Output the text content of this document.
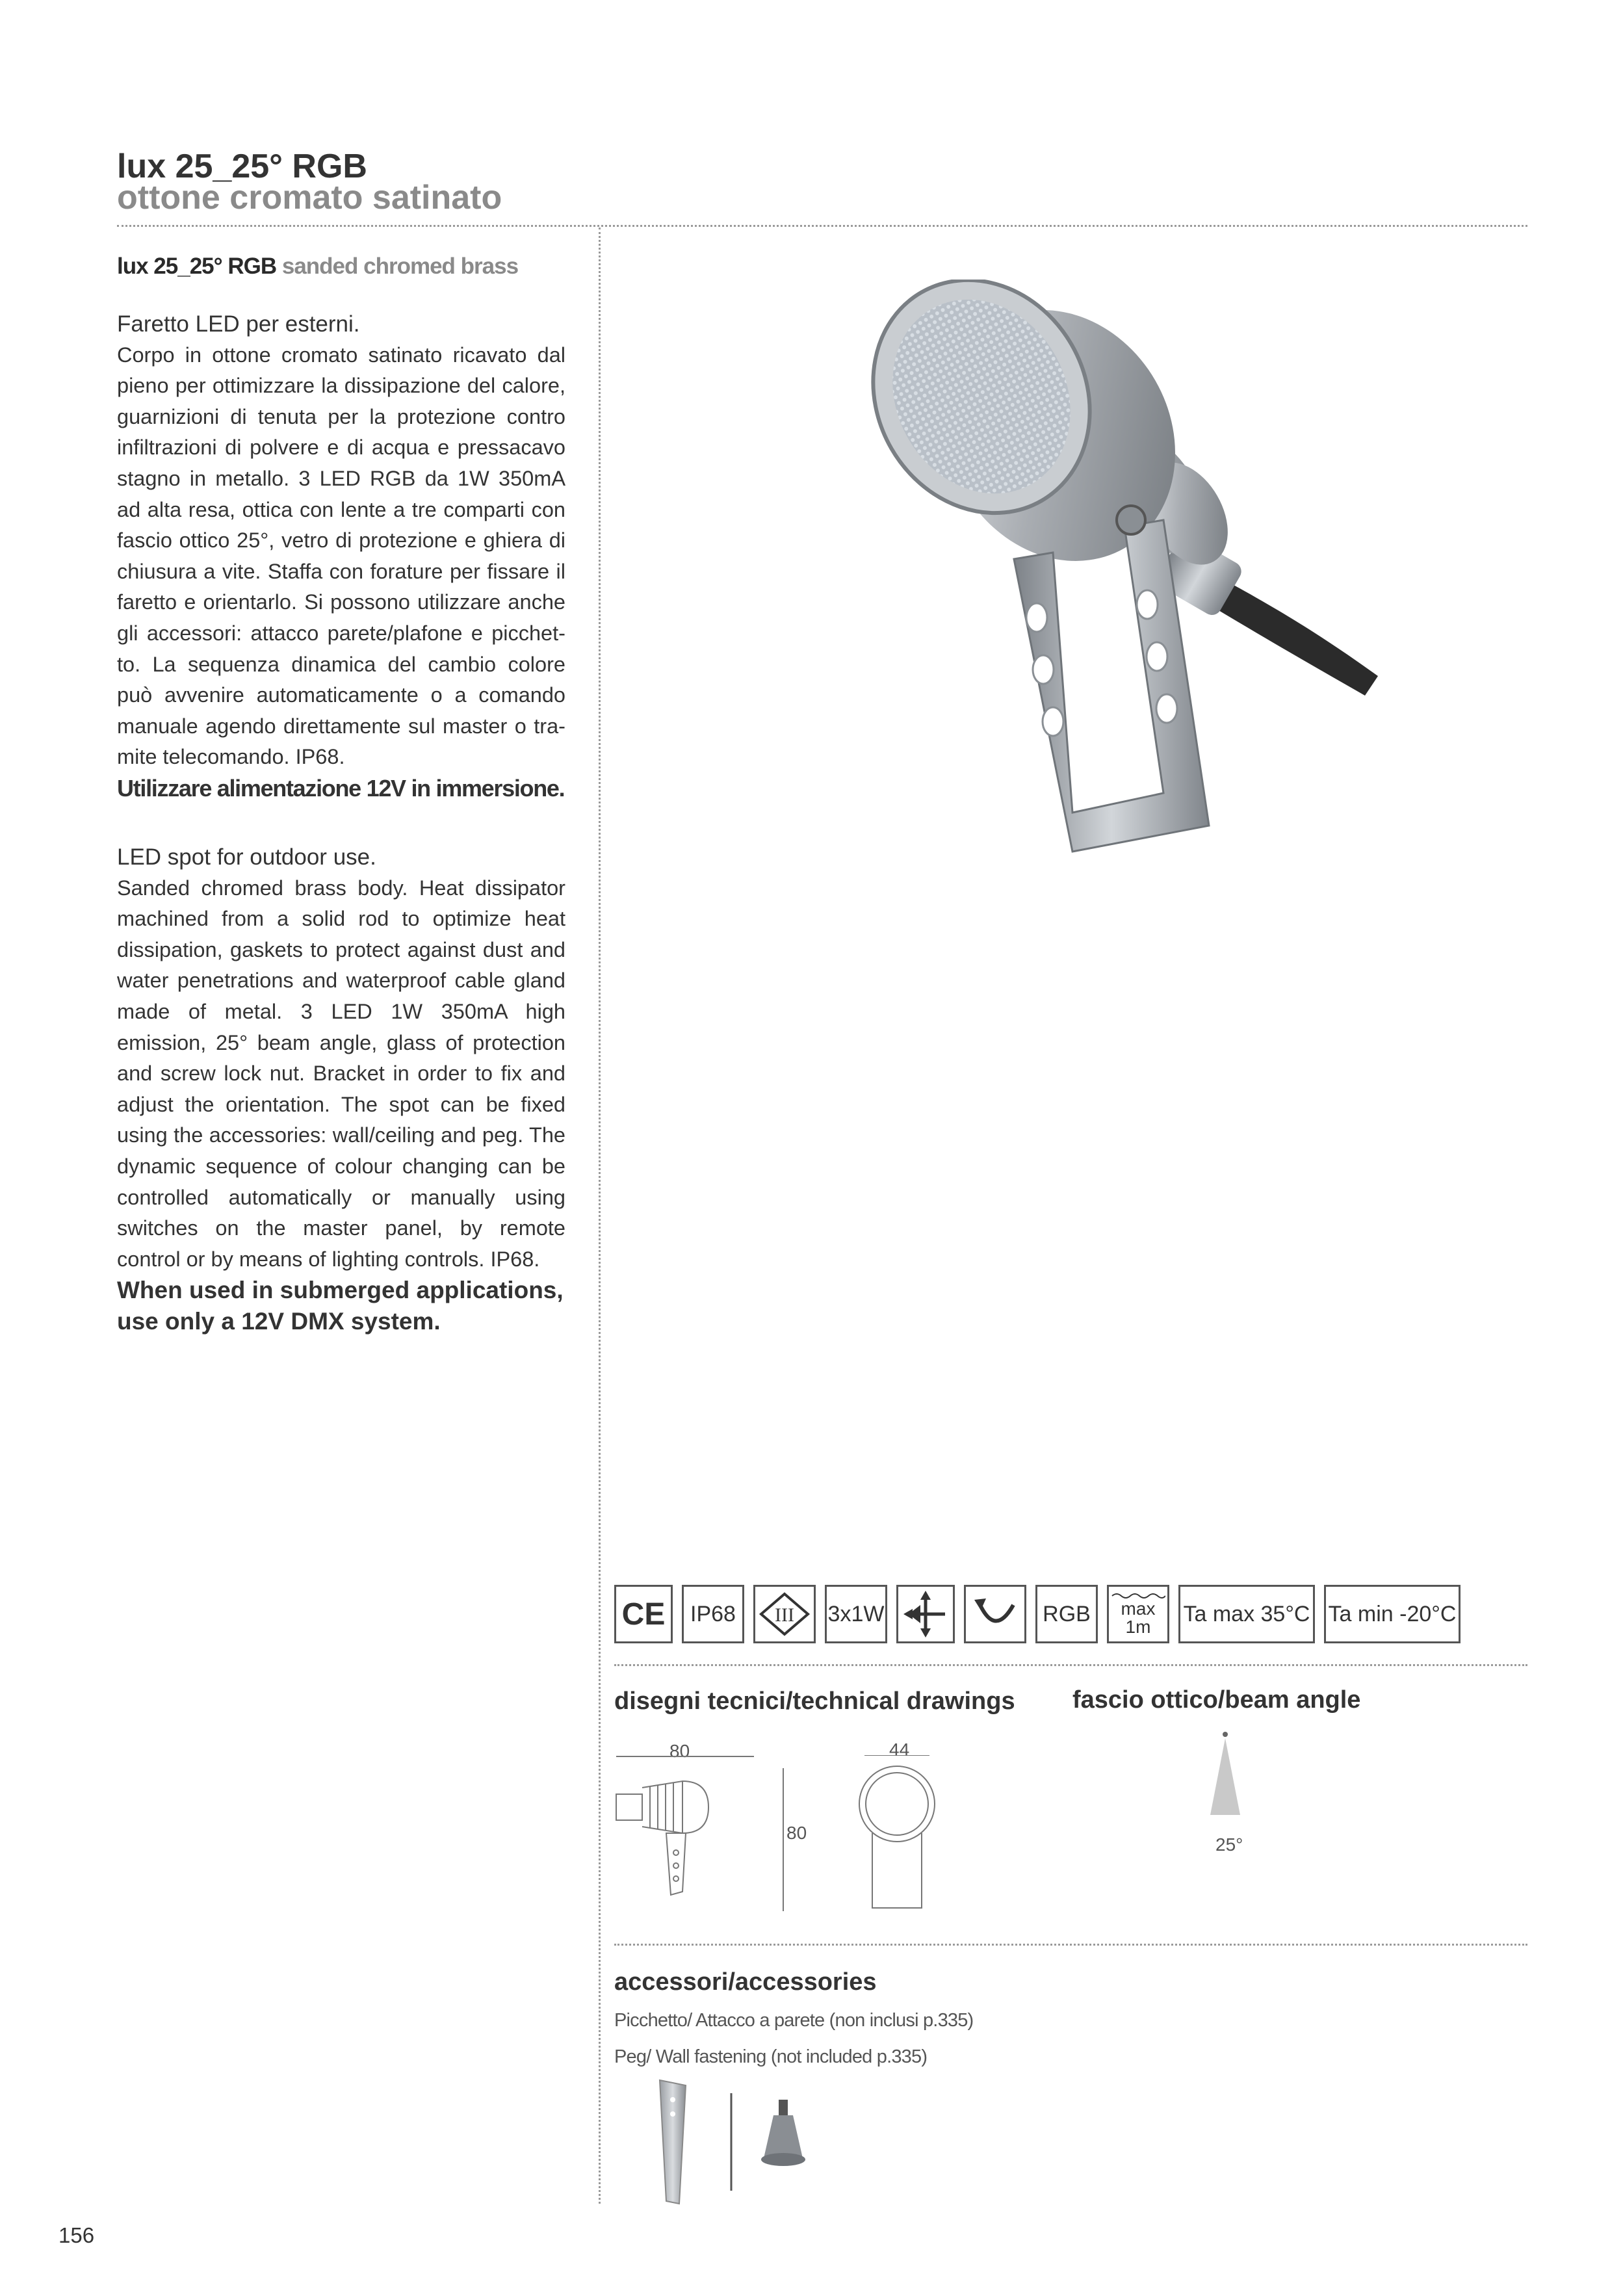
lux 25_25° RGB
ottone cromato satinato
lux 25_25° RGB sanded chromed brass

Faretto LED per esterni.

Corpo in ottone cromato satinato ricavato dal pieno per ottimizzare la dissipazione del calore, guarnizioni di tenuta per la protezione contro infiltrazioni di polvere e di acqua e pressacavo stagno in metallo. 3 LED RGB da 1W 350mA ad alta resa, ottica con lente a tre comparti con fascio ottico 25°, vetro di protezione e ghiera di chiusura a vite. Staffa con forature per fissare il faretto e orientarlo. Si possono utilizzare anche gli accessori: attacco parete/plafone e picchet- to. La sequenza dinamica del cambio colore può avvenire automaticamente o a comando manuale agendo direttamente sul master o tra- mite telecomando. IP68.

Utilizzare alimentazione 12V in immersione.

LED spot for outdoor use.

Sanded chromed brass body. Heat dissipator machined from a solid rod to optimize heat dissipation, gaskets to protect against dust and water penetrations and waterproof cable gland made of metal. 3 LED 1W 350mA high emission, 25° beam angle, glass of protection and screw lock nut. Bracket in order to fix and adjust the orientation. The spot can be fixed using the accessories: wall/ceiling and peg. The dynamic sequence of colour changing can be controlled automatically or manually using switches on the master panel, by remote control or by means of lighting controls. IP68.

When used in submerged applications, use only a 12V DMX system.

CE	IP68	III 3x1W	RGB	max
1m
Ta max 35°C Ta min -20°C
disegni tecnici/technical drawings
80
80
44
fascio ottico/beam angle
25°
accessori/accessories
Picchetto/ Attacco a parete (non inclusi p.335)
Peg/ Wall fastening (not included p.335)
156
